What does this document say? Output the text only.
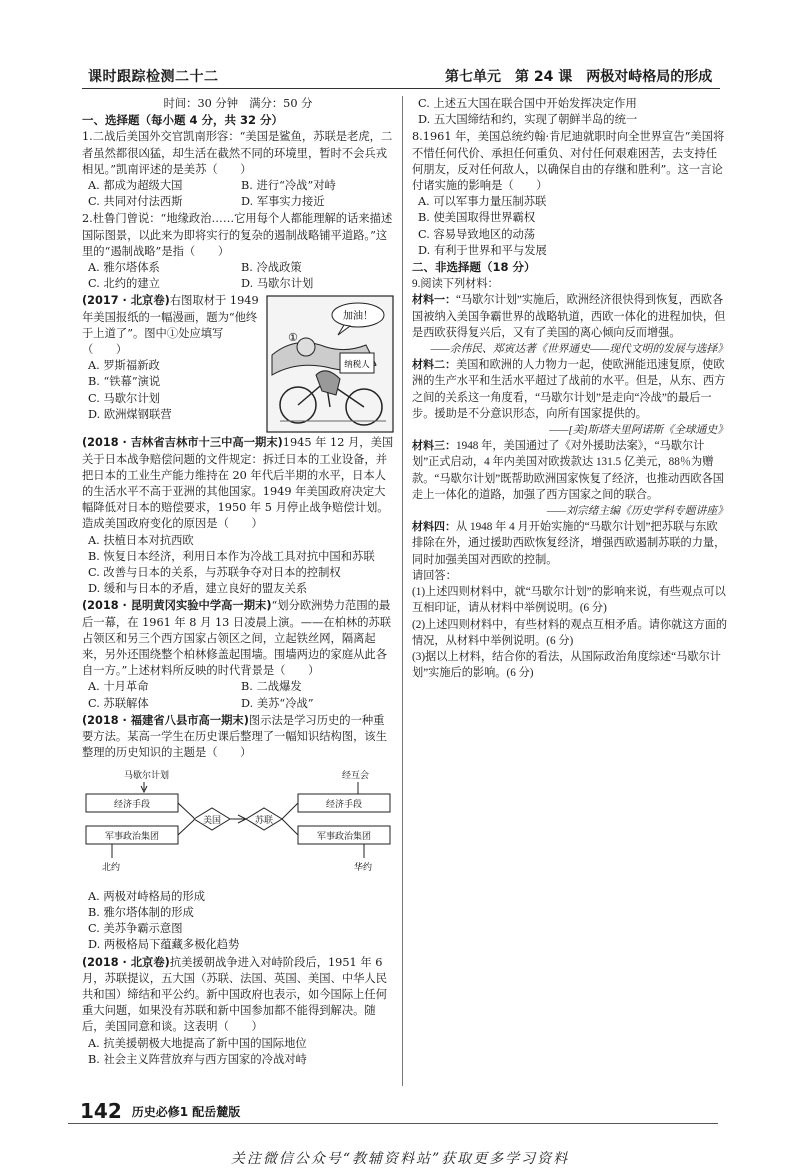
课时跟踪检测二十二	第七单元　第 24 课　两极对峙格局的形成

时间：30 分钟　满分：50 分

一、选择题（每小题 4 分，共 32 分）

1.二战后美国外交官凯南形容：“美国是鲨鱼，苏联是老虎，二者虽然都很凶猛，却生活在截然不同的环境里，暂时不会兵戎相见。”凯南评述的是美苏（　　）

A. 都成为超级大国	B. 进行“冷战”对峙
C. 共同对付法西斯	D. 军事实力接近

2.杜鲁门曾说：“地缘政治……它用每个人都能理解的话来描述国际图景，以此来为即将实行的复杂的遏制战略铺平道路。”这里的“遏制战略”是指（　　）

A. 雅尔塔体系	B. 冷战政策
C. 北约的建立	D. 马歇尔计划
加油！
①
纳税人

(2017 · 北京卷)右图取材于 1949 年美国报纸的一幅漫画，题为“他终于上道了”。图中①处应填写（　　）

A. 罗斯福新政

B. “铁幕”演说

C. 马歇尔计划

D. 欧洲煤钢联营

(2018 · 吉林省吉林市十三中高一期末)1945 年 12 月，美国关于日本战争赔偿问题的文件规定：拆迁日本的工业设备，并把日本的工业生产能力维持在 20 年代后半期的水平，日本人的生活水平不高于亚洲的其他国家。1949 年美国政府决定大幅降低对日本的赔偿要求，1950 年 5 月停止战争赔偿计划。造成美国政府变化的原因是（　　）

A. 扶植日本对抗西欧

B. 恢复日本经济，利用日本作为冷战工具对抗中国和苏联

C. 改善与日本的关系，与苏联争夺对日本的控制权

D. 缓和与日本的矛盾，建立良好的盟友关系

(2018 · 昆明黄冈实验中学高一期末)“划分欧洲势力范围的最后一幕，在 1961 年 8 月 13 日凌晨上演。——在柏林的苏联占领区和另三个西方国家占领区之间，立起铁丝网，隔离起来，另外还围绕整个柏林修盖起围墙。围墙两边的家庭从此各自一方。”上述材料所反映的时代背景是（　　）

A. 十月革命	B. 二战爆发
C. 苏联解体	D. 美苏“冷战”

(2018 · 福建省八县市高一期末)图示法是学习历史的一种重要方法。某高一学生在历史课后整理了一幅知识结构图，该生整理的历史知识的主题是（　　）

马歇尔计划
经济手段
军事政治集团
北约
美国	苏联
经济手段
军事政治集团
经互会
华约

A. 两极对峙格局的形成

B. 雅尔塔体制的形成

C. 美苏争霸示意图

D. 两极格局下蕴藏多极化趋势

(2018 · 北京卷)抗美援朝战争进入对峙阶段后，1951 年 6 月，苏联提议，五大国（苏联、法国、英国、美国、中华人民共和国）缔结和平公约。新中国政府也表示，如今国际上任何重大问题，如果没有苏联和新中国参加都不能得到解决。随后，美国同意和谈。这表明（　　）

A. 抗美援朝极大地提高了新中国的国际地位

B. 社会主义阵营放弃与西方国家的冷战对峙

C. 上述五大国在联合国中开始发挥决定作用

D. 五大国缔结和约，实现了朝鲜半岛的统一

8.1961 年，美国总统约翰·肯尼迪就职时向全世界宣告“美国将不惜任何代价、承担任何重负、对付任何艰难困苦，去支持任何朋友，反对任何敌人，以确保自由的存继和胜利”。这一言论付诸实施的影响是（　　）

A. 可以军事力量压制苏联

B. 使美国取得世界霸权

C. 容易导致地区的动荡

D. 有利于世界和平与发展

二、非选择题（18 分）

9.阅读下列材料：

材料一：“马歇尔计划”实施后，欧洲经济很快得到恢复，西欧各国被纳入美国争霸世界的战略轨道，西欧一体化的进程加快，但是西欧获得复兴后，又有了美国的离心倾向反而增强。

——余伟民、郑寅达著《世界通史——现代文明的发展与选择》

材料二：美国和欧洲的人力物力一起，使欧洲能迅速复原，使欧洲的生产水平和生活水平超过了战前的水平。但是，从东、西方之间的关系这一角度看，“马歇尔计划”是走向“冷战”的最后一步。援助是不分意识形态，向所有国家提供的。

——[美]斯塔夫里阿诺斯《全球通史》

材料三：1948 年，美国通过了《对外援助法案》，“马歇尔计划”正式启动，4 年内美国对欧拨款达 131.5 亿美元，88％为赠款。“马歇尔计划”既帮助欧洲国家恢复了经济，也推动西欧各国走上一体化的道路，加强了西方国家之间的联合。

——刘宗绪主编《历史学科专题讲座》

材料四：从 1948 年 4 月开始实施的“马歇尔计划”把苏联与东欧排除在外，通过援助西欧恢复经济，增强西欧遏制苏联的力量，同时加强美国对西欧的控制。

请回答：

(1)上述四则材料中，就“马歇尔计划”的影响来说，有些观点可以互相印证，请从材料中举例说明。(6 分)

(2)上述四则材料中，有些材料的观点互相矛盾。请你就这方面的情况，从材料中举例说明。(6 分)

(3)据以上材料，结合你的看法，从国际政治角度综述“马歇尔计划”实施后的影响。(6 分)

142 历史必修1 配岳麓版
关注微信公众号“教辅资料站”获取更多学习资料
